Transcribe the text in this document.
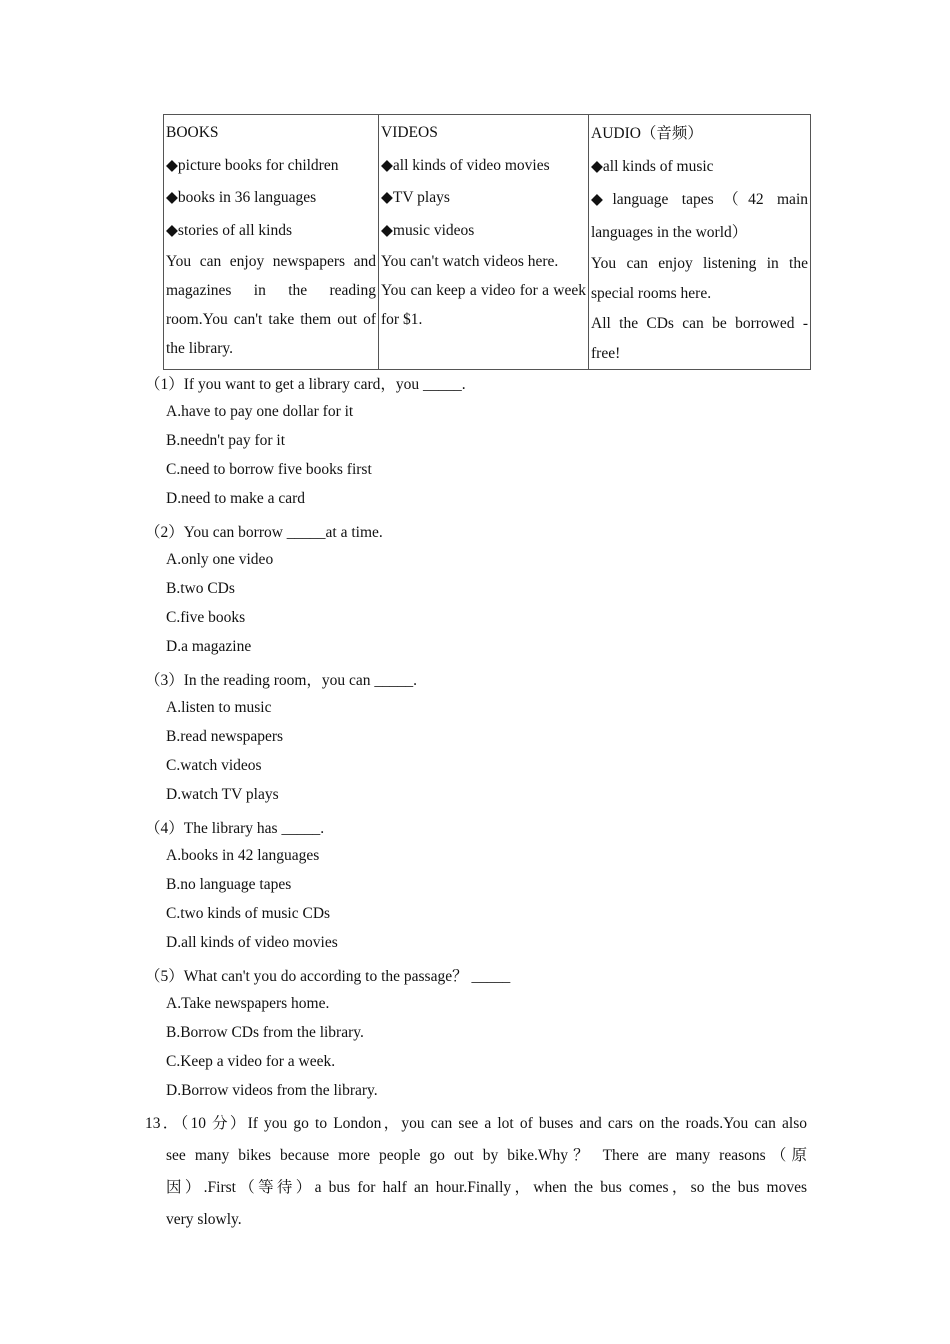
BOOKS
◆ picture books for children
◆ books in 36 languages
◆ stories of all kinds

You can enjoy newspapers and magazines in the reading room.You can't take them out of the library.

VIDEOS
◆ all kinds of video movies
◆ TV plays
◆ music videos

You can't watch videos here.

You can keep a video for a week for $1.

AUDIO（音频）
◆ all kinds of music

◆ language tapes（42 main languages in the world）

You can enjoy listening in the special rooms here.

All the CDs can be borrowed - free!

（1）If you want to get a library card，you _____.
A.have to pay one dollar for it
B.needn't pay for it
C.need to borrow five books first
D.need to make a card
（2）You can borrow _____at a time.
A.only one video
B.two CDs
C.five books
D.a magazine
（3）In the reading room，you can _____.
A.listen to music
B.read newspapers
C.watch videos
D.watch TV plays
（4）The library has _____.
A.books in 42 languages
B.no language tapes
C.two kinds of music CDs
D.all kinds of video movies
（5）What can't you do according to the passage？ _____
A.Take newspapers home.
B.Borrow CDs from the library.
C.Keep a video for a week.
D.Borrow videos from the library.

13．（10 分）If you go to London，you can see a lot of buses and cars on the roads.You can also

see many bikes because more people go out by bike.Why？ There are many reasons（原

因）.First（等待）a bus for half an hour.Finally，when the bus comes，so the bus moves

very slowly.
